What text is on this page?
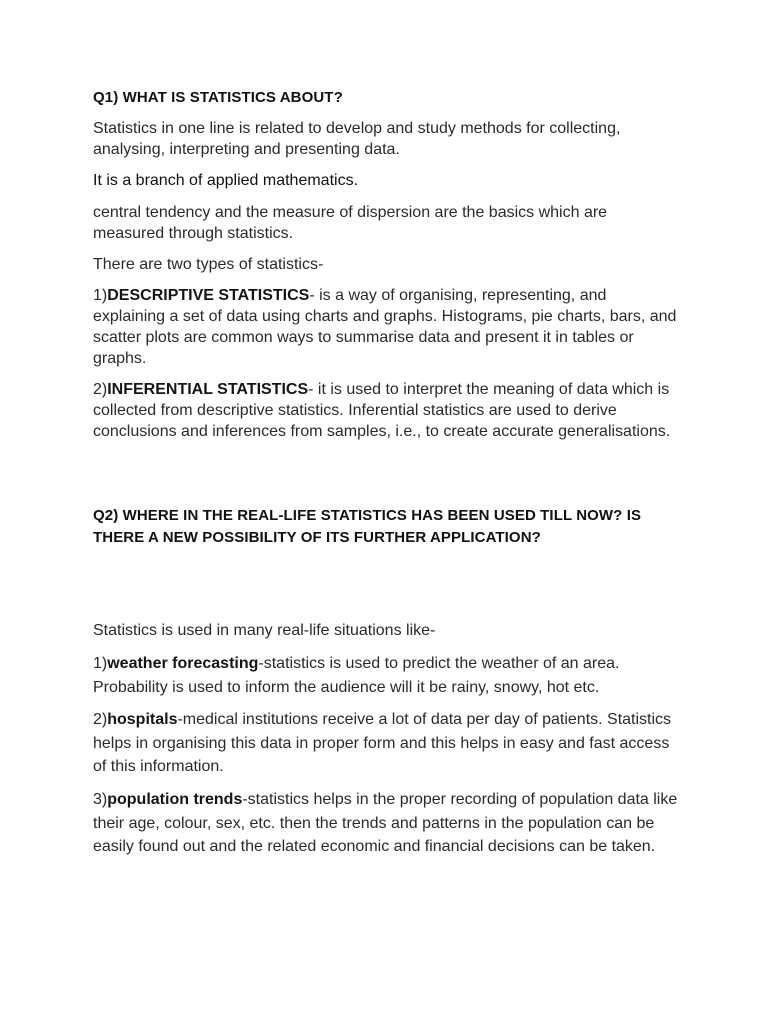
Q1) WHAT IS STATISTICS ABOUT?

Statistics in one line is related to develop and study methods for collecting, analysing, interpreting and presenting data.

It is a branch of applied mathematics.

central tendency and the measure of dispersion are the basics which are measured through statistics.

There are two types of statistics-

1)DESCRIPTIVE STATISTICS- is a way of organising, representing, and explaining a set of data using charts and graphs. Histograms, pie charts, bars, and scatter plots are common ways to summarise data and present it in tables or graphs.

2)INFERENTIAL STATISTICS- it is used to interpret the meaning of data which is collected from descriptive statistics. Inferential statistics are used to derive conclusions and inferences from samples, i.e., to create accurate generalisations.

Q2) WHERE IN THE REAL-LIFE STATISTICS HAS BEEN USED TILL NOW? IS THERE A NEW POSSIBILITY OF ITS FURTHER APPLICATION?

Statistics is used in many real-life situations like-

1)weather forecasting-statistics is used to predict the weather of an area. Probability is used to inform the audience will it be rainy, snowy, hot etc.

2)hospitals-medical institutions receive a lot of data per day of patients. Statistics helps in organising this data in proper form and this helps in easy and fast access of this information.

3)population trends-statistics helps in the proper recording of population data like their age, colour, sex, etc. then the trends and patterns in the population can be easily found out and the related economic and financial decisions can be taken.
